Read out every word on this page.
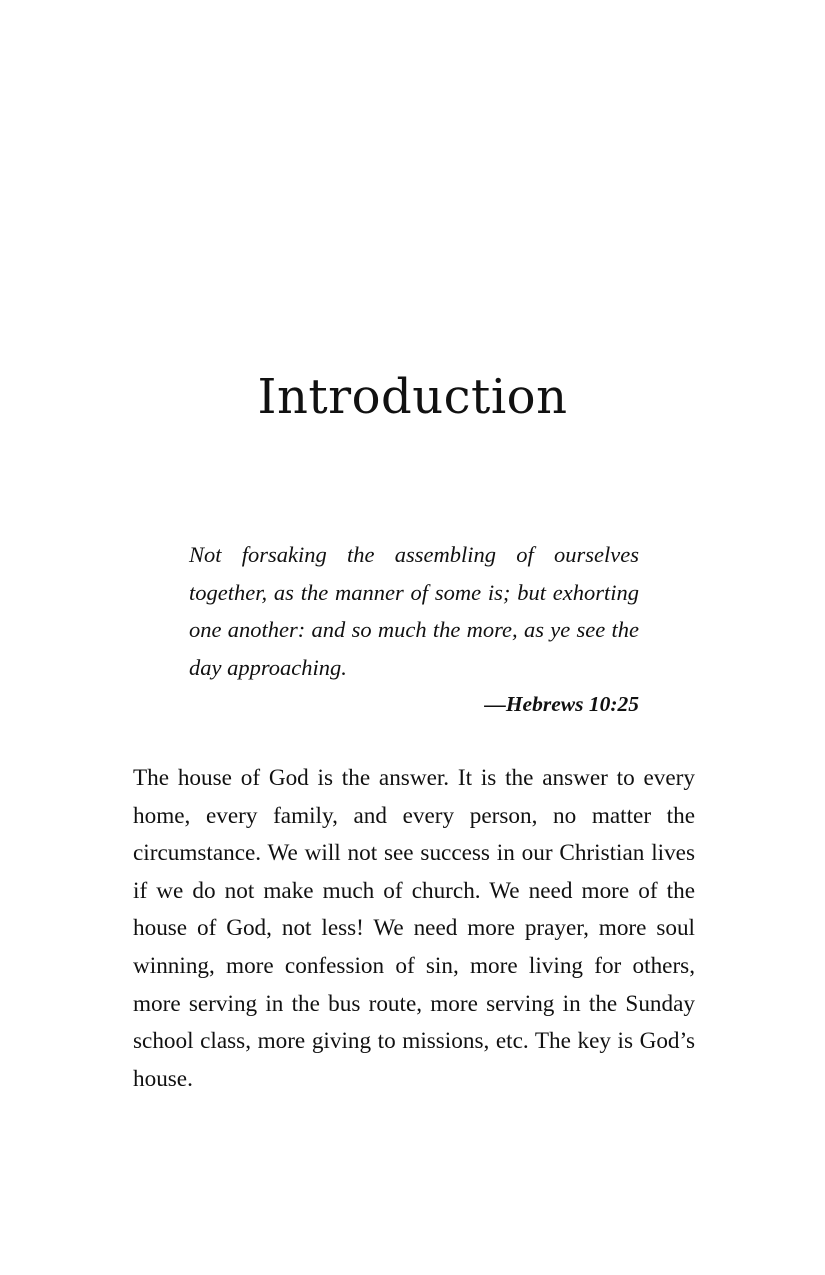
Introduction

Not forsaking the assembling of ourselves together, as the manner of some is; but exhorting one another: and so much the more, as ye see the day approaching.

—Hebrews 10:25

The house of God is the answer. It is the answer to every home, every family, and every person, no matter the circumstance. We will not see success in our Christian lives if we do not make much of church. We need more of the house of God, not less! We need more prayer, more soul winning, more confession of sin, more living for others, more serving in the bus route, more serving in the Sunday school class, more giving to missions, etc. The key is God’s house.
